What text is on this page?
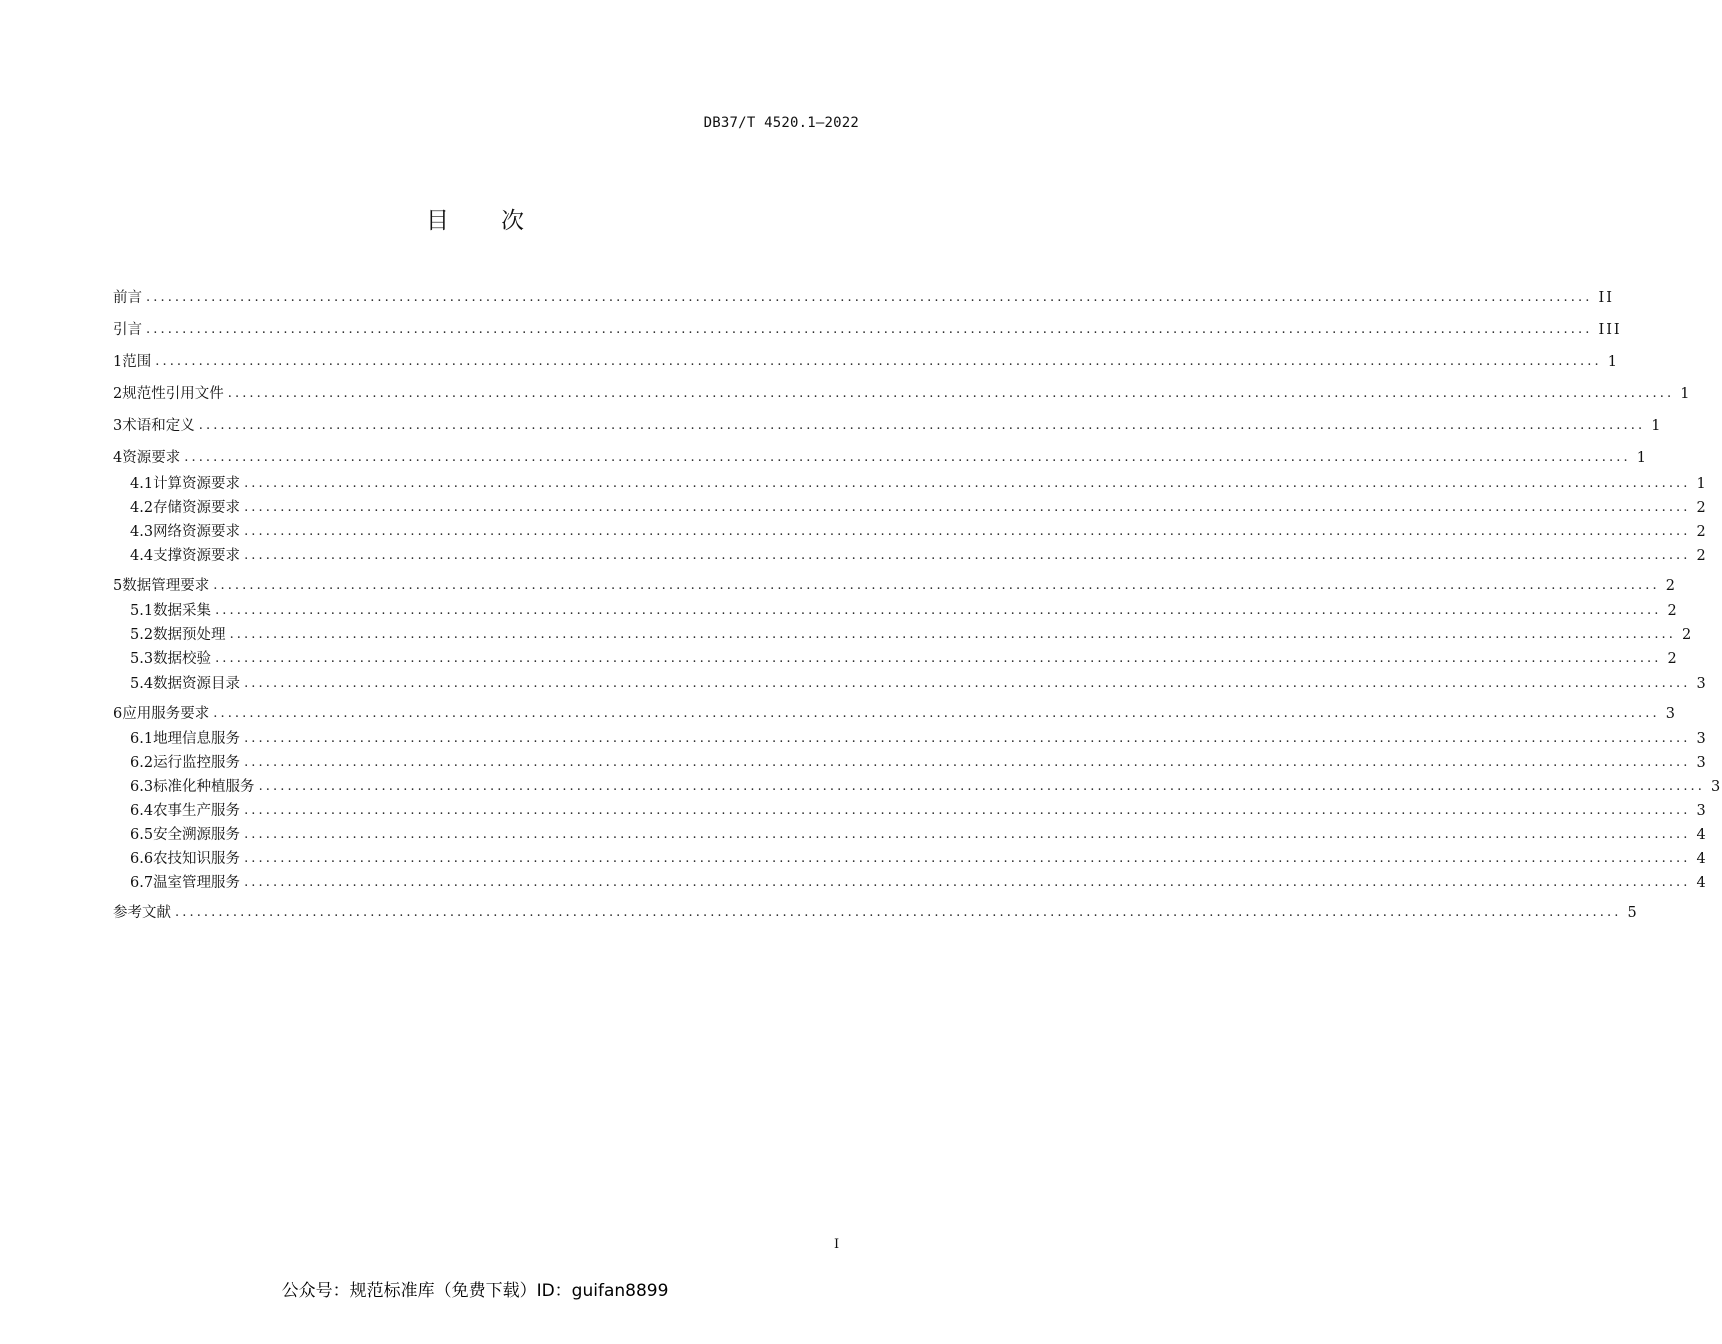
DB37/T 4520.1—2022
目 次
前言 ........................................................................................................................................................................................................ II
引言 ........................................................................................................................................................................................................ III
1 范围 ........................................................................................................................................................................................................ 1
2 规范性引用文件 ........................................................................................................................................................................................................ 1
3 术语和定义 ........................................................................................................................................................................................................ 1
4 资源要求 ........................................................................................................................................................................................................ 1
4.1 计算资源要求 ........................................................................................................................................................................................................ 1
4.2 存储资源要求 ........................................................................................................................................................................................................ 2
4.3 网络资源要求 ........................................................................................................................................................................................................ 2
4.4 支撑资源要求 ........................................................................................................................................................................................................ 2
5 数据管理要求 ........................................................................................................................................................................................................ 2
5.1 数据采集 ........................................................................................................................................................................................................ 2
5.2 数据预处理 ........................................................................................................................................................................................................ 2
5.3 数据校验 ........................................................................................................................................................................................................ 2
5.4 数据资源目录 ........................................................................................................................................................................................................ 3
6 应用服务要求 ........................................................................................................................................................................................................ 3
6.1 地理信息服务 ........................................................................................................................................................................................................ 3
6.2 运行监控服务 ........................................................................................................................................................................................................ 3
6.3 标准化种植服务 ........................................................................................................................................................................................................ 3
6.4 农事生产服务 ........................................................................................................................................................................................................ 3
6.5 安全溯源服务 ........................................................................................................................................................................................................ 4
6.6 农技知识服务 ........................................................................................................................................................................................................ 4
6.7 温室管理服务 ........................................................................................................................................................................................................ 4
参考文献 ........................................................................................................................................................................................................ 5
I
公众号：规范标准库（免费下载）ID：guifan8899
